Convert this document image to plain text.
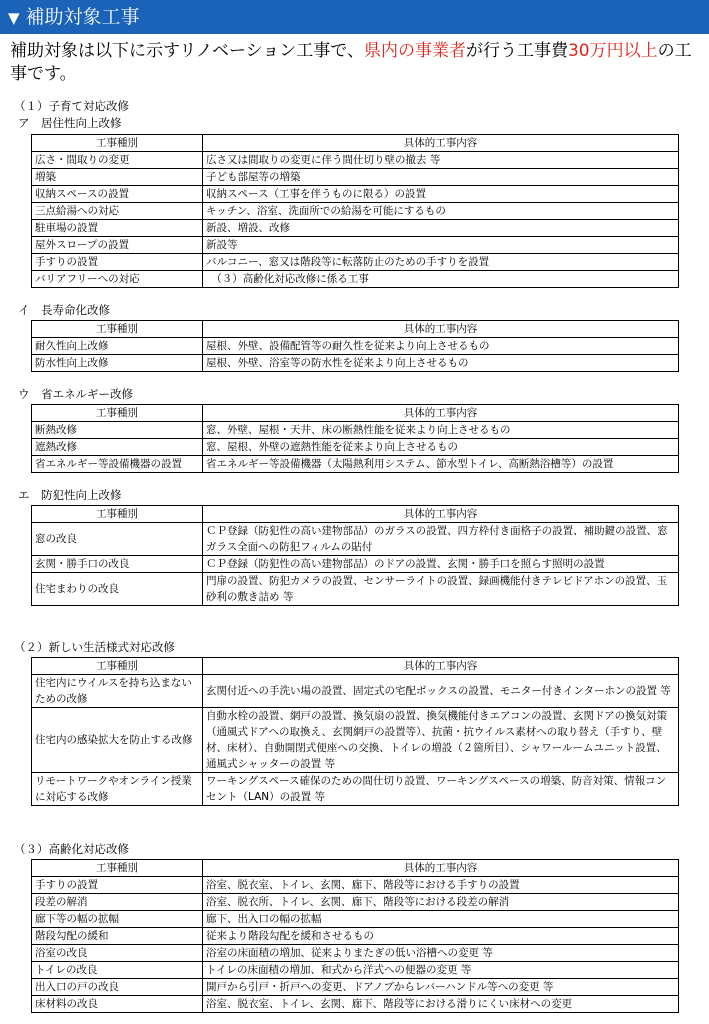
▼ 補助対象工事
補助対象は以下に示すリノベーション工事で、県内の事業者が行う工事費30万円以上の工事です。
（１）子育て対応改修
ア　居住性向上改修
工事種別	具体的工事内容
広さ・間取りの変更	広さ又は間取りの変更に伴う間仕切り壁の撤去 等
増築	子ども部屋等の増築
収納スペースの設置	収納スペース（工事を伴うものに限る）の設置
三点給湯への対応	キッチン、浴室、洗面所での給湯を可能にするもの
駐車場の設置	新設、増設、改修
屋外スロープの設置	新設等
手すりの設置	バルコニー、窓又は階段等に転落防止のための手すりを設置
バリアフリーへの対応	　（３）高齢化対応改修に係る工事
イ　長寿命化改修
工事種別	具体的工事内容
耐久性向上改修	屋根、外壁、設備配管等の耐久性を従来より向上させるもの
防水性向上改修	屋根、外壁、浴室等の防水性を従来より向上させるもの
ウ　省エネルギー改修
工事種別	具体的工事内容
断熱改修	窓、外壁、屋根・天井、床の断熱性能を従来より向上させるもの
遮熱改修	窓、屋根、外壁の遮熱性能を従来より向上させるもの
省エネルギー等設備機器の設置	省エネルギー等設備機器（太陽熱利用システム、節水型トイレ、高断熱浴槽等）の設置
エ　防犯性向上改修
工事種別	具体的工事内容
窓の改良	ＣＰ登録（防犯性の高い建物部品）のガラスの設置、四方枠付き面格子の設置、補助鍵の設置、窓ガラス全面への防犯フィルムの貼付
玄関・勝手口の改良	ＣＰ登録（防犯性の高い建物部品）のドアの設置、玄関・勝手口を照らす照明の設置
住宅まわりの改良	門扉の設置、防犯カメラの設置、センサーライトの設置、録画機能付きテレビドアホンの設置、玉砂利の敷き詰め 等
（２）新しい生活様式対応改修
工事種別	具体的工事内容
住宅内にウイルスを持ち込まないための改修	玄関付近への手洗い場の設置、固定式の宅配ボックスの設置、モニター付きインターホンの設置 等
住宅内の感染拡大を防止する改修	自動水栓の設置、網戸の設置、換気扇の設置、換気機能付きエアコンの設置、玄関ドアの換気対策（通風式ドアへの取換え、玄関網戸の設置等）、抗菌・抗ウイルス素材への取り替え（手すり、壁材、床材）、自動開閉式便座への交換、トイレの増設（２箇所目）、シャワールームユニット設置、通風式シャッターの設置 等
リモートワークやオンライン授業に対応する改修	ワーキングスペース確保のための間仕切り設置、ワーキングスペースの増築、防音対策、情報コンセント（LAN）の設置 等
（３）高齢化対応改修
工事種別	具体的工事内容
手すりの設置	浴室、脱衣室、トイレ、玄関、廊下、階段等における手すりの設置
段差の解消	浴室、脱衣所、トイレ、玄関、廊下、階段等における段差の解消
廊下等の幅の拡幅	廊下、出入口の幅の拡幅
階段勾配の緩和	従来より階段勾配を緩和させるもの
浴室の改良	浴室の床面積の増加、従来よりまたぎの低い浴槽への変更 等
トイレの改良	トイレの床面積の増加、和式から洋式への便器の変更 等
出入口の戸の改良	開戸から引戸・折戸への変更、ドアノブからレバーハンドル等への変更 等
床材料の改良	浴室、脱衣室、トイレ、玄関、廊下、階段等における滑りにくい床材への変更
